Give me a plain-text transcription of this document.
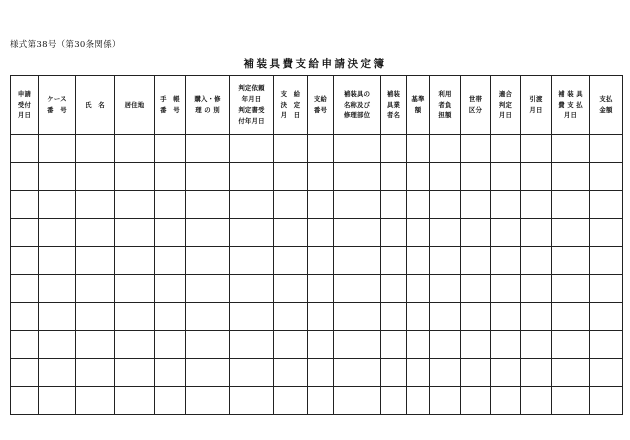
様式第38号（第30条関係）
補装具費支給申請決定簿
申請
受付
月日	ケース
番　号	氏　名	居住地	手　帳
番　号	購入・修
理 の 別	判定依頼
年月日
判定書受
付年月日	支　給
決　定
月　日	支給
番号	補装具の
名称及び
修理部位	補装
具業
者名	基準
額	利用
者負
担額	世帯
区分	適合
判定
月日	引渡
月日	補 装 具
費 支 払
月日	支払
金額
